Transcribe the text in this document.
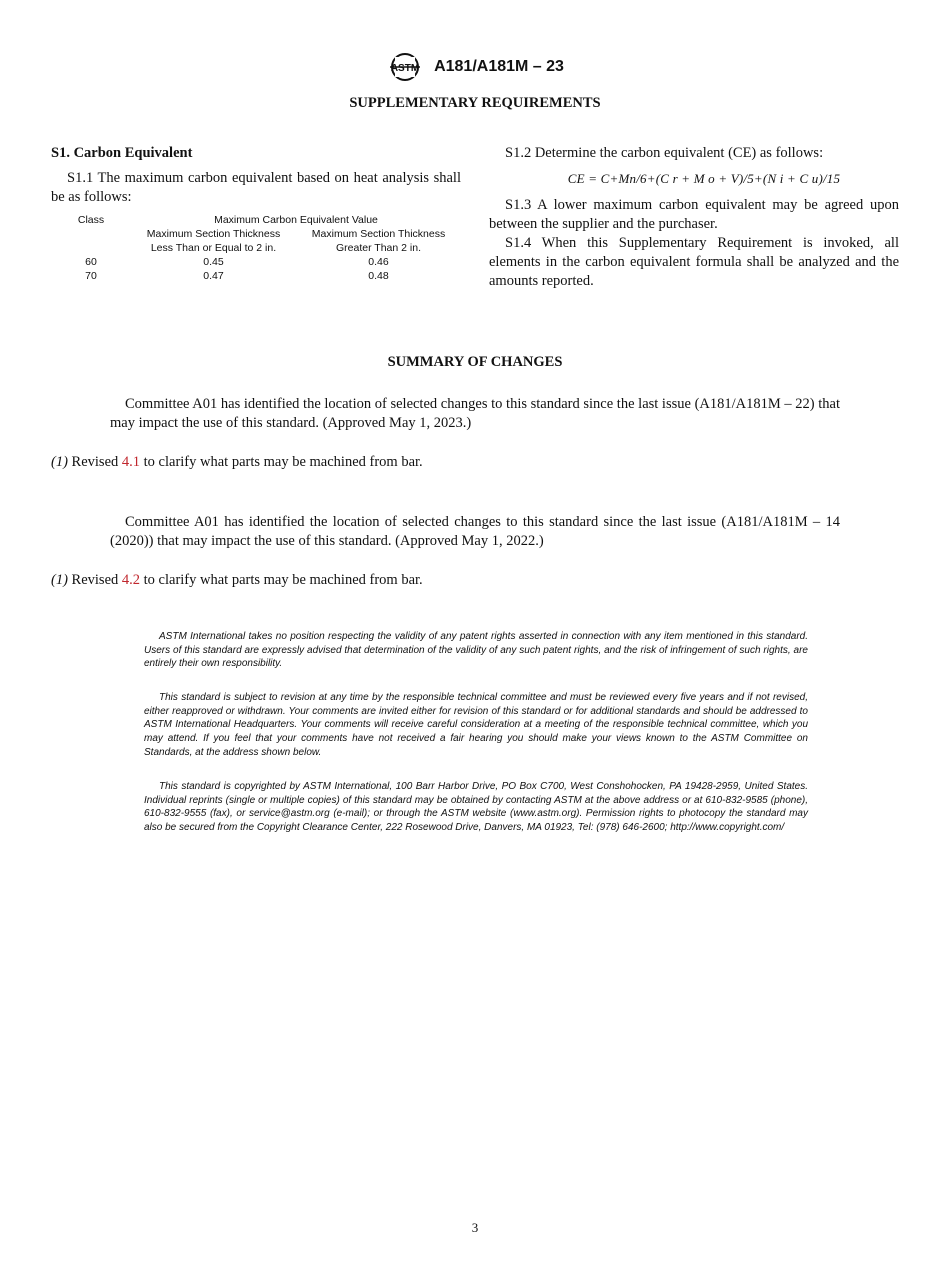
ASTM A181/A181M – 23
SUPPLEMENTARY REQUIREMENTS
S1. Carbon Equivalent

S1.1 The maximum carbon equivalent based on heat analysis shall be as follows:

Class	Maximum Carbon Equivalent Value	
	Maximum Section Thickness	Maximum Section Thickness
	Less Than or Equal to 2 in.	Greater Than 2 in.
60	0.45	0.46
70	0.47	0.48

S1.2 Determine the carbon equivalent (CE) as follows:

CE = C+Mn/6+(C r + M o + V)/5+(N i + C u)/15

S1.3 A lower maximum carbon equivalent may be agreed upon between the supplier and the purchaser.

S1.4 When this Supplementary Requirement is invoked, all elements in the carbon equivalent formula shall be analyzed and the amounts reported.

SUMMARY OF CHANGES

Committee A01 has identified the location of selected changes to this standard since the last issue (A181/A181M – 22) that may impact the use of this standard. (Approved May 1, 2023.)

(1) Revised 4.1 to clarify what parts may be machined from bar.

Committee A01 has identified the location of selected changes to this standard since the last issue (A181/A181M – 14 (2020)) that may impact the use of this standard. (Approved May 1, 2022.)

(1) Revised 4.2 to clarify what parts may be machined from bar.

ASTM International takes no position respecting the validity of any patent rights asserted in connection with any item mentioned in this standard. Users of this standard are expressly advised that determination of the validity of any such patent rights, and the risk of infringement of such rights, are entirely their own responsibility.

This standard is subject to revision at any time by the responsible technical committee and must be reviewed every five years and if not revised, either reapproved or withdrawn. Your comments are invited either for revision of this standard or for additional standards and should be addressed to ASTM International Headquarters. Your comments will receive careful consideration at a meeting of the responsible technical committee, which you may attend. If you feel that your comments have not received a fair hearing you should make your views known to the ASTM Committee on Standards, at the address shown below.

This standard is copyrighted by ASTM International, 100 Barr Harbor Drive, PO Box C700, West Conshohocken, PA 19428-2959, United States. Individual reprints (single or multiple copies) of this standard may be obtained by contacting ASTM at the above address or at 610-832-9585 (phone), 610-832-9555 (fax), or service@astm.org (e-mail); or through the ASTM website (www.astm.org). Permission rights to photocopy the standard may also be secured from the Copyright Clearance Center, 222 Rosewood Drive, Danvers, MA 01923, Tel: (978) 646-2600; http://www.copyright.com/

3
